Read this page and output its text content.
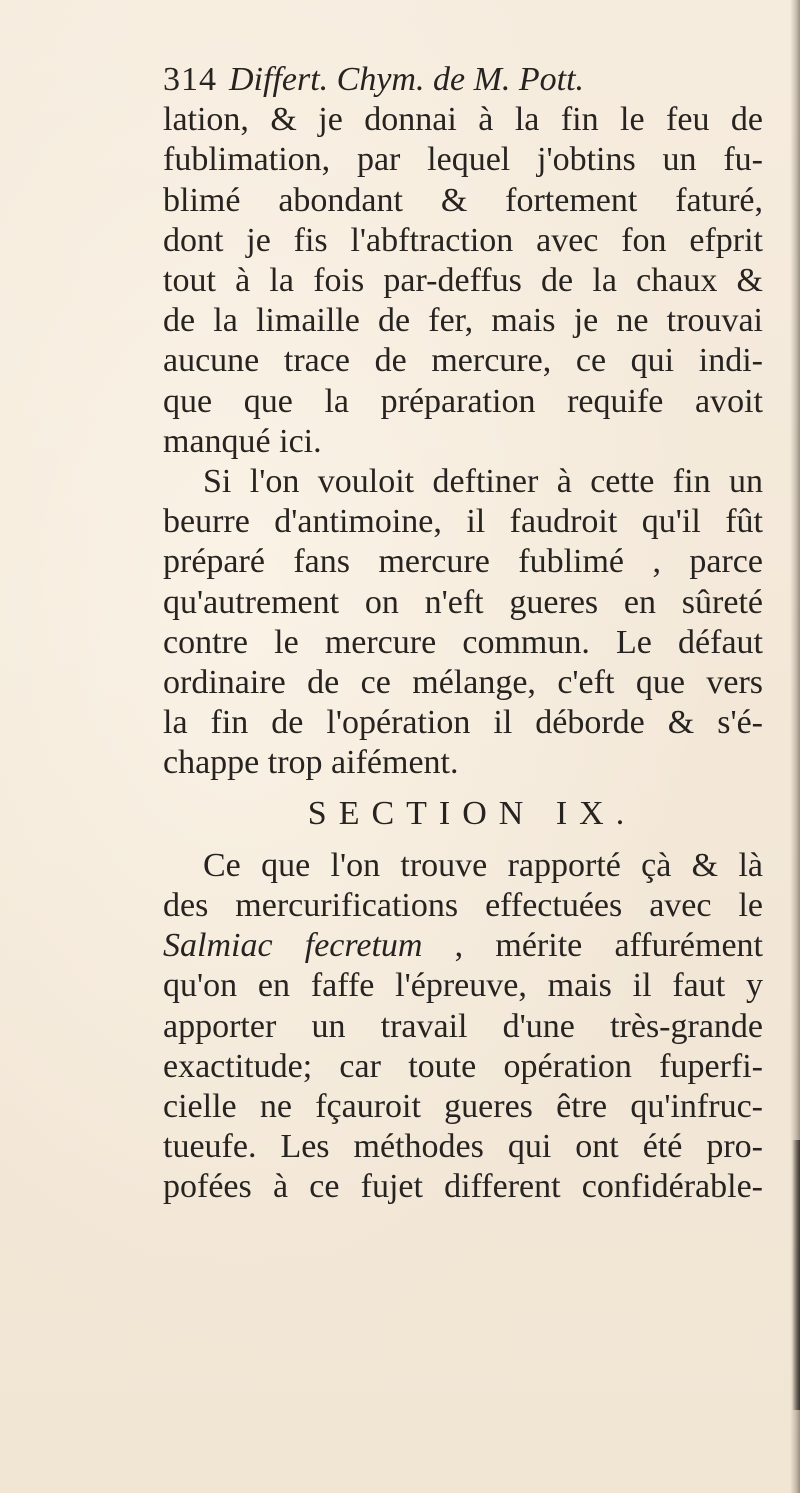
314 Differt. Chym. de M. Pott.
lation, & je donnai à la fin le feu de
fublimation, par lequel j'obtins un fu-
blimé abondant & fortement faturé,
dont je fis l'abftraction avec fon efprit
tout à la fois par-deffus de la chaux &
de la limaille de fer, mais je ne trouvai
aucune trace de mercure, ce qui indi-
que que la préparation requife avoit
manqué ici.
Si l'on vouloit deftiner à cette fin un
beurre d'antimoine, il faudroit qu'il fût
préparé fans mercure fublimé , parce
qu'autrement on n'eft gueres en sûreté
contre le mercure commun. Le défaut
ordinaire de ce mélange, c'eft que vers
la fin de l'opération il déborde & s'é-
chappe trop aifément.
SECTION IX.
Ce que l'on trouve rapporté çà & là
des mercurifications effectuées avec le
Salmiac fecretum , mérite affurément
qu'on en faffe l'épreuve, mais il faut y
apporter un travail d'une très-grande
exactitude; car toute opération fuperfi-
cielle ne fçauroit gueres être qu'infruc-
tueufe. Les méthodes qui ont été pro-
pofées à ce fujet different confidérable-
